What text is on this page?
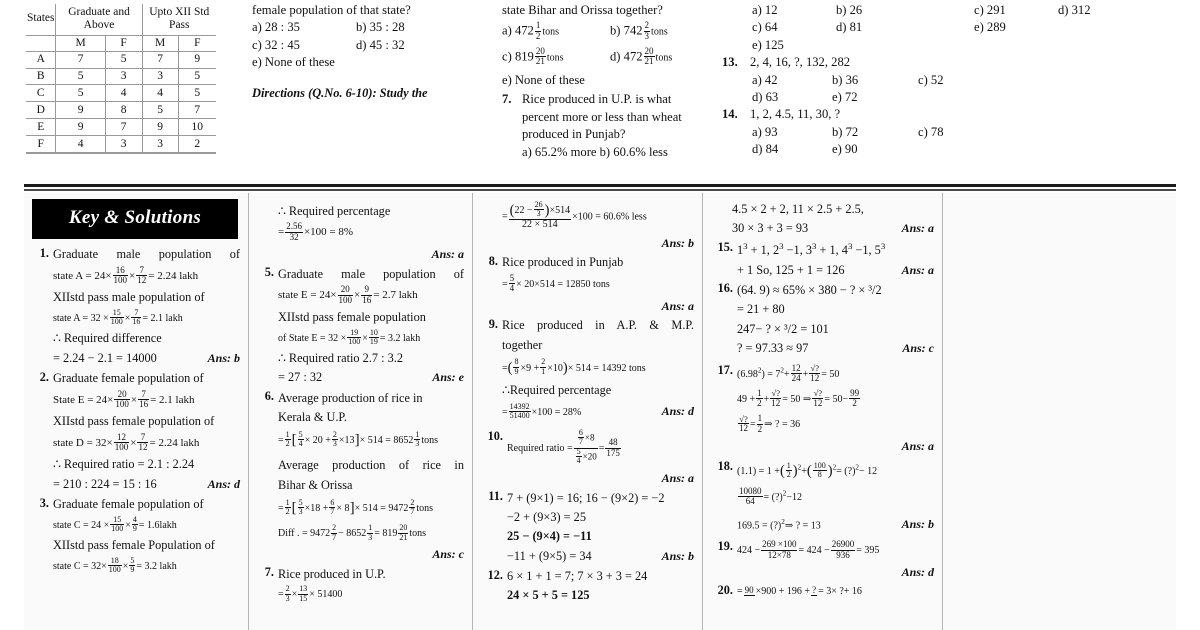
States	Graduate and Above		Upto XII Std Pass	
	M	F	M	F
A	7	5	7	9
B	5	3	3	5
C	5	4	4	5
D	9	8	5	7
E	9	7	9	10
F	4	3	3	2
female population of that state?
a) 28 : 35	b) 35 : 28
c) 32 : 45	d) 45 : 32
e) None of these
Directions (Q.No. 6-10): Study the
state Bihar and Orissa together?
a) $472 \frac{1}{2}$ tons	b) $742 \frac{2}{3}$ tons
c) $819 \frac{20}{21}$ tons	d) $472 \frac{20}{21}$ tons
e) None of these
7. Rice produced in U.P. is what
percent more or less than wheat
produced in Punjab?
a) 65.2% more b) 60.6% less
a) 12	b) 26
c) 64	d) 81
e) 125
13. 2, 4, 16, ?, 132, 282
a) 42	b) 36	c) 52
d) 63	e) 72
14. 1, 2, 4.5, 11, 30, ?
a) 93	b) 72	c) 78
d) 84	e) 90
c) 291	d) 312
e) 289
Key & Solutions
1. Graduate male population of
state $A = 24\times \frac{16}{100} \times \frac{7}{12} = 2.24$ lakh
XIIstd pass male population of
state $A = 32 \times \frac{15}{100} \times \frac{7}{16} = 2.1$ lakh
∴ Required difference
= 2.24 − 2.1 = 14000	Ans: b
2. Graduate female population of
State $E = 24\times \frac{20}{100} \times \frac{7}{16} = 2.1$ lakh
XIIstd pass female population of
state $D = 32\times \frac{12}{100} \times \frac{7}{12} = 2.24$ lakh
∴ Required ratio = 2.1 : 2.24
= 210 : 224 = 15 : 16	Ans: d
3. Graduate female population of
state $C = 24 \times \frac{15}{100} \times \frac{4}{9}$ = 1.6lakh
XIIstd pass female Population of
state $C = 32\times \frac{18}{100} \times \frac{5}{9} = 3.2$ lakh
∴ Required percentage
= $\frac{2.56}{32} \times 100 = 8\%$
Ans: a
5. Graduate male population of
state $E = 24\times \frac{20}{100} \times \frac{9}{16} = 2.7$ lakh
XIIstd pass female population
of State $E = 32 \times \frac{19}{100} \times \frac{10}{19} = 3.2$ lakh
∴ Required ratio 2.7 : 3.2
= 27 : 32	Ans: e
6. Average production of rice in
Kerala & U.P.
= $\frac{1}{2}$ [ $\frac{5}{4} \times 20 + \frac{2}{3} \times 13]\times 514 = 8652 \frac{1}{3}$ tons
Average production of rice in
Bihar & Orissa
= $\frac{1}{2}$ [ $\frac{5}{3} \times 18 + \frac{6}{7} \times 8]\times 514 = 9472 \frac{2}{7}$ tons
Diff . = $9472 \frac{2}{7} - 8652 \frac{1}{3} = 819 \frac{20}{21}$ tons
Ans: c
7. Rice produced in U.P.
= $\frac{2}{3} \times \frac{13}{15} \times 51400$
= $\frac{(22 - \frac{26}{3} )\times 514}{22 \times 514} \times 100 = 60.6\%$ less
Ans: b
8. Rice produced in Punjab
= $\frac{5}{4} \times 20\times 514 = 12850$ tons
Ans: a
9. Rice produced in A.P. & M.P.
together
=( $\frac{8}{9} \times 9 + \frac{2}{1} \times 10)\times 514 = 14392$ tons
∴Required percentage
= $\frac{14392}{51400} \times 100 = 28\%$	Ans: d
10.
Required ratio = $\frac{\frac{6}{7} \times 8}{\frac{5}{4} \times 20} = \frac{48}{175}$
Ans: a
11. 7 + (9×1) = 16; 16 − (9×2) = −2
−2 + (9×3) = 25
25 − (9×4) = −11
−11 + (9×5) = 34	Ans: b
12. 6 × 1 + 1 = 7; 7 × 3 + 3 = 24
24 × 5 + 5 = 125
4.5 × 2 + 2, 11 × 2.5 + 2.5,
30 × 3 + 3 = 93	Ans: a
15. $1^3 + 1$, $2^3 -1$, $3^3 + 1$, $4^3 -1$, $5^3$
+ 1 So, 125 + 1 = 126	Ans: a
16. (64. 9) ≈ 65% × 380 − ? × ³/2
= 21 + 80
247− ? × ³/2 = 101
? = 97.33 ≈ 97	Ans: c
17. $(6.98^2) = 7^2+ \frac{12}{24} + \frac{√?}{12} = 50$
$49 + \frac{1}{2} + \frac{√?}{12} = 50$ ⇒ $\frac{√?}{12} = 50- \frac{99}{2}$
$\frac{√?}{12} = \frac{1}{2}$ ⇒ ? = 36
Ans: a
18. (1.1) = 1 +( $\frac{1}{2} )^2+( \frac{100}{8} )^2=$ (?)$^2$− 12
$\frac{10080}{64}$ = (?)$^2$−12
169.5 = (?)$^2$⇒ ? = 13	Ans: b
19. $424 - \frac{269 \times 100}{12\times 78} = 424 - \frac{26900}{936} = 395$
Ans: d
20. = 90 ×900 + 196 + ? = 3× ?+ 16
